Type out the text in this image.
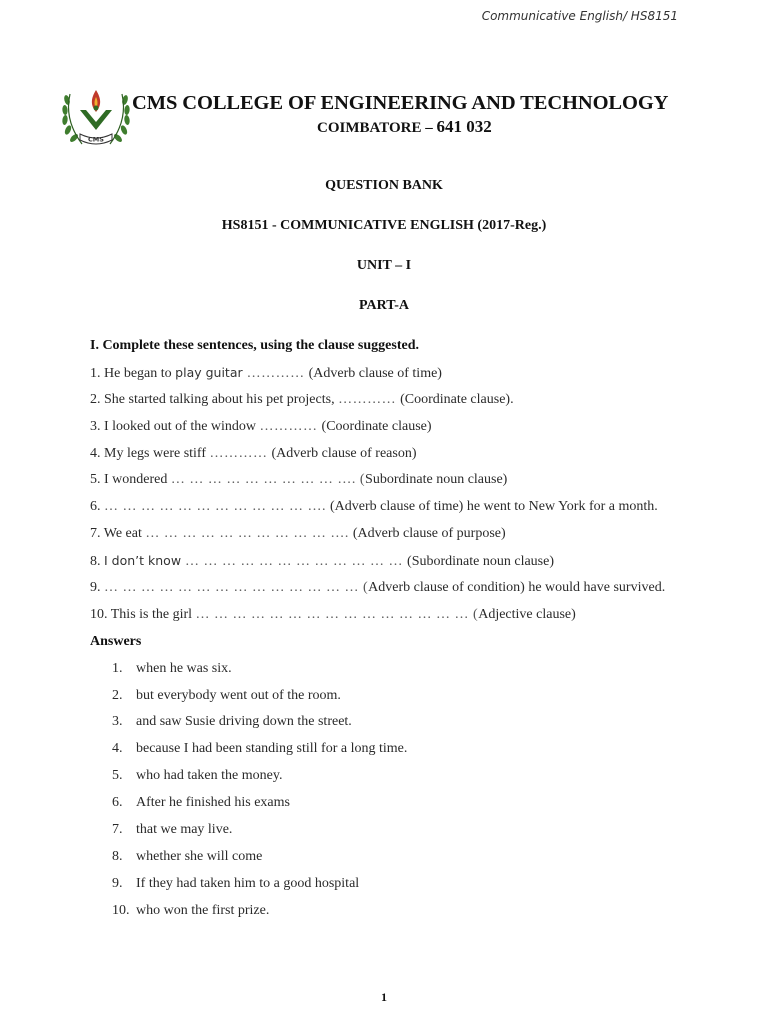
Communicative English/ HS8151
CMS
CMS COLLEGE OF ENGINEERING AND TECHNOLOGY
COIMBATORE – 641 032
QUESTION BANK
HS8151 - COMMUNICATIVE ENGLISH (2017-Reg.)
UNIT – I
PART-A
I. Complete these sentences, using the clause suggested.
1. He began to play guitar ………… (Adverb clause of time)
2. She started talking about his pet projects, ………… (Coordinate clause).
3. I looked out of the window ………… (Coordinate clause)
4. My legs were stiff ………… (Adverb clause of reason)
5. I wondered … … … … … … … … … …. (Subordinate noun clause)
6. … … … … … … … … … … … …. (Adverb clause of time) he went to New York for a month.
7. We eat … … … … … … … … … … …. (Adverb clause of purpose)
8. I don’t know … … … … … … … … … … … … (Subordinate noun clause)
9. … … … … … … … … … … … … … … (Adverb clause of condition) he would have survived.
10. This is the girl … … … … … … … … … … … … … … … (Adjective clause)
Answers
1. when he was six.
2. but everybody went out of the room.
3. and saw Susie driving down the street.
4. because I had been standing still for a long time.
5. who had taken the money.
6. After he finished his exams
7. that we may live.
8. whether she will come
9. If they had taken him to a good hospital
10. who won the first prize.
1
